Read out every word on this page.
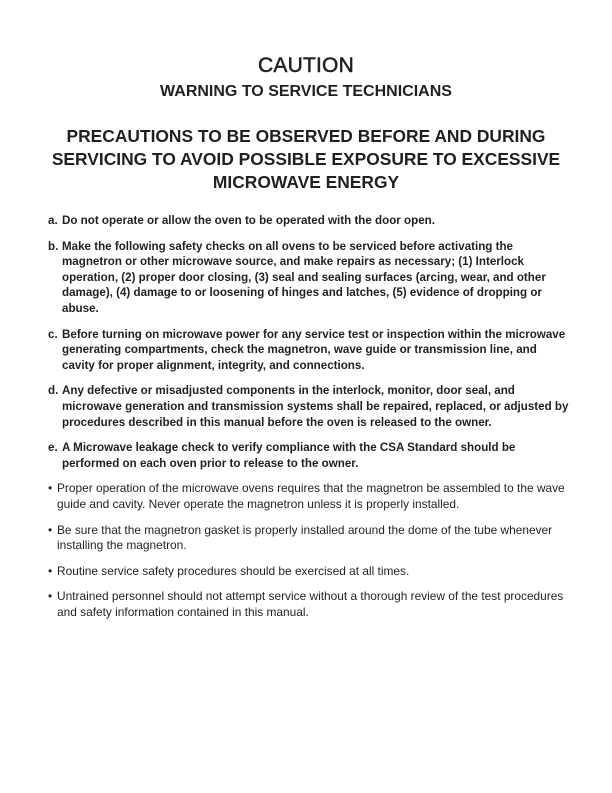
CAUTION
WARNING TO SERVICE TECHNICIANS
PRECAUTIONS TO BE OBSERVED BEFORE AND DURING SERVICING TO AVOID POSSIBLE EXPOSURE TO EXCESSIVE MICROWAVE ENERGY
a. Do not operate or allow the oven to be operated with the door open.
b. Make the following safety checks on all ovens to be serviced before activating the magnetron or other microwave source, and make repairs as necessary; (1) Interlock operation, (2) proper door closing, (3) seal and sealing surfaces (arcing, wear, and other damage), (4) damage to or loosening of hinges and latches, (5) evidence of dropping or abuse.
c. Before turning on microwave power for any service test or inspection within the microwave generating compartments, check the magnetron, wave guide or transmission line, and cavity for proper alignment, integrity, and connections.
d. Any defective or misadjusted components in the interlock, monitor, door seal, and microwave generation and transmission systems shall be repaired, replaced, or adjusted by procedures described in this manual before the oven is released to the owner.
e. A Microwave leakage check to verify compliance with the CSA Standard should be performed on each oven prior to release to the owner.
• Proper operation of the microwave ovens requires that the magnetron be assembled to the wave guide and cavity. Never operate the magnetron unless it is properly installed.
• Be sure that the magnetron gasket is properly installed around the dome of the tube whenever installing the magnetron.
• Routine service safety procedures should be exercised at all times.
• Untrained personnel should not attempt service without a thorough review of the test procedures and safety information contained in this manual.
